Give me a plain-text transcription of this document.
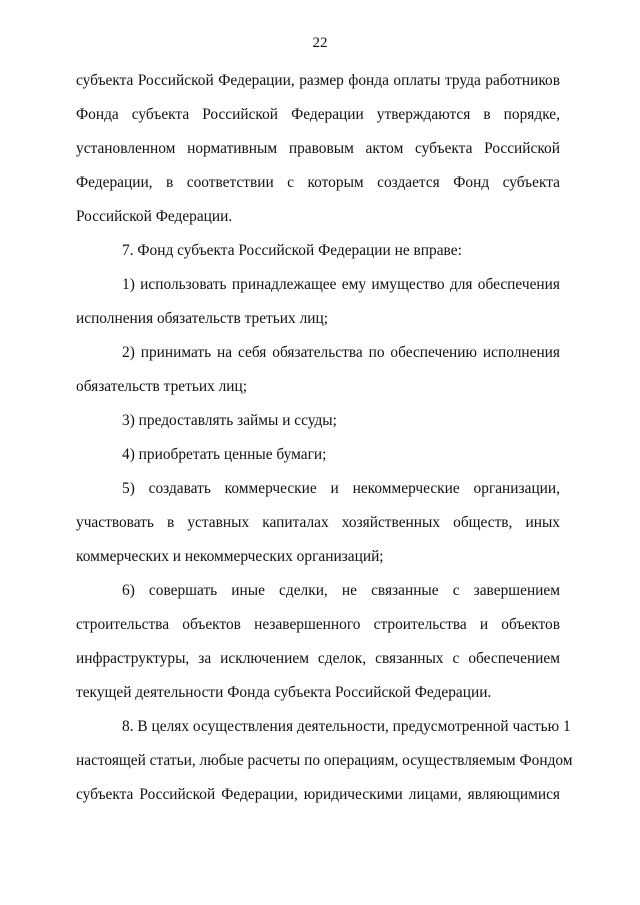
22
субъекта Российской Федерации, размер фонда оплаты труда работников
Фонда субъекта Российской Федерации утверждаются в порядке,
установленном нормативным правовым актом субъекта Российской
Федерации, в соответствии с которым создается Фонд субъекта
Российской Федерации.
7. Фонд субъекта Российской Федерации не вправе:
1) использовать принадлежащее ему имущество для обеспечения
исполнения обязательств третьих лиц;
2) принимать на себя обязательства по обеспечению исполнения
обязательств третьих лиц;
3) предоставлять займы и ссуды;
4) приобретать ценные бумаги;
5) создавать коммерческие и некоммерческие организации,
участвовать в уставных капиталах хозяйственных обществ, иных
коммерческих и некоммерческих организаций;
6) совершать иные сделки, не связанные с завершением
строительства объектов незавершенного строительства и объектов
инфраструктуры, за исключением сделок, связанных с обеспечением
текущей деятельности Фонда субъекта Российской Федерации.
8. В целях осуществления деятельности, предусмотренной частью 1
настоящей статьи, любые расчеты по операциям, осуществляемым Фондом
субъекта Российской Федерации, юридическими лицами, являющимися
